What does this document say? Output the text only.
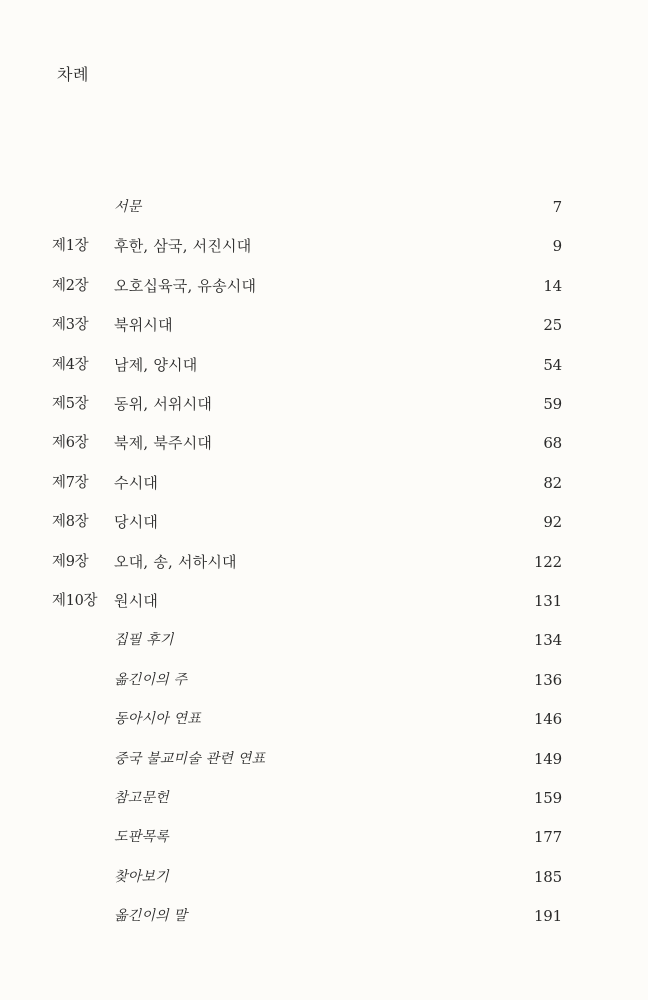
차례
서문	7
제1장 후한, 삼국, 서진시대	9
제2장 오호십육국, 유송시대	14
제3장 북위시대	25
제4장 남제, 양시대	54
제5장 동위, 서위시대	59
제6장 북제, 북주시대	68
제7장 수시대	82
제8장 당시대	92
제9장 오대, 송, 서하시대	122
제10장 원시대	131
집필 후기	134
옮긴이의 주	136
동아시아 연표	146
중국 불교미술 관련 연표	149
참고문헌	159
도판목록	177
찾아보기	185
옮긴이의 말	191
